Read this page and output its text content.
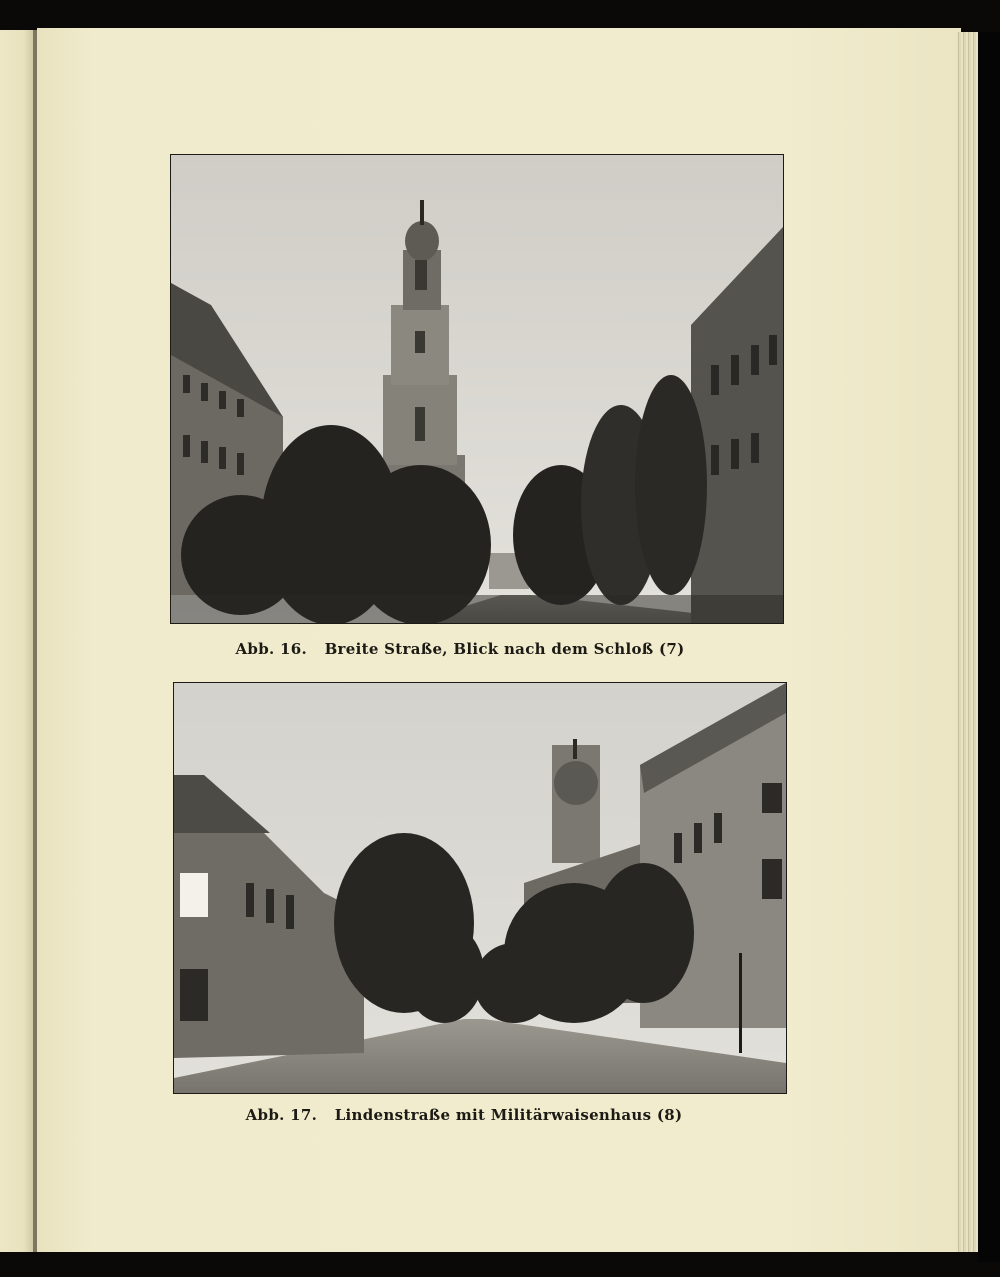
Abb. 16. Breite Straße, Blick nach dem Schloß (7)
Abb. 17. Lindenstraße mit Militärwaisenhaus (8)
